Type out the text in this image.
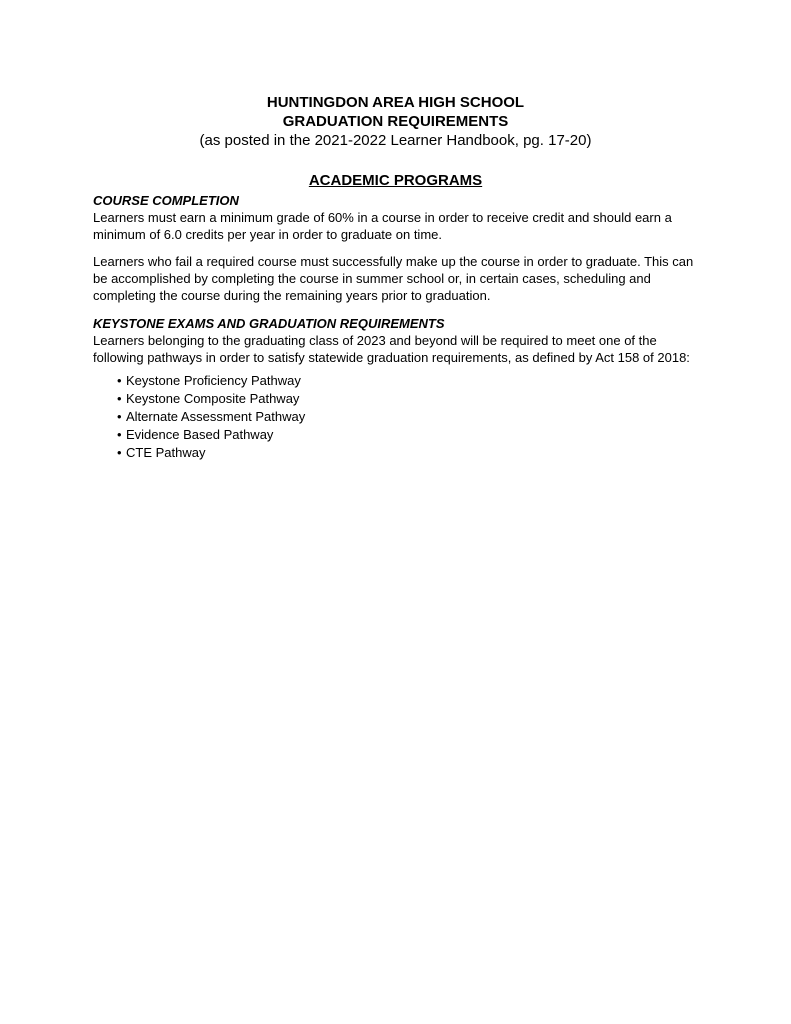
HUNTINGDON AREA HIGH SCHOOL
GRADUATION REQUIREMENTS
(as posted in the 2021-2022 Learner Handbook, pg. 17-20)
ACADEMIC PROGRAMS
COURSE COMPLETION

Learners must earn a minimum grade of 60% in a course in order to receive credit and should earn a minimum of 6.0 credits per year in order to graduate on time.

Learners who fail a required course must successfully make up the course in order to graduate. This can be accomplished by completing the course in summer school or, in certain cases, scheduling and completing the course during the remaining years prior to graduation.

KEYSTONE EXAMS AND GRADUATION REQUIREMENTS

Learners belonging to the graduating class of 2023 and beyond will be required to meet one of the following pathways in order to satisfy statewide graduation requirements, as defined by Act 158 of 2018:

• Keystone Proficiency Pathway
• Keystone Composite Pathway
• Alternate Assessment Pathway
• Evidence Based Pathway
• CTE Pathway
